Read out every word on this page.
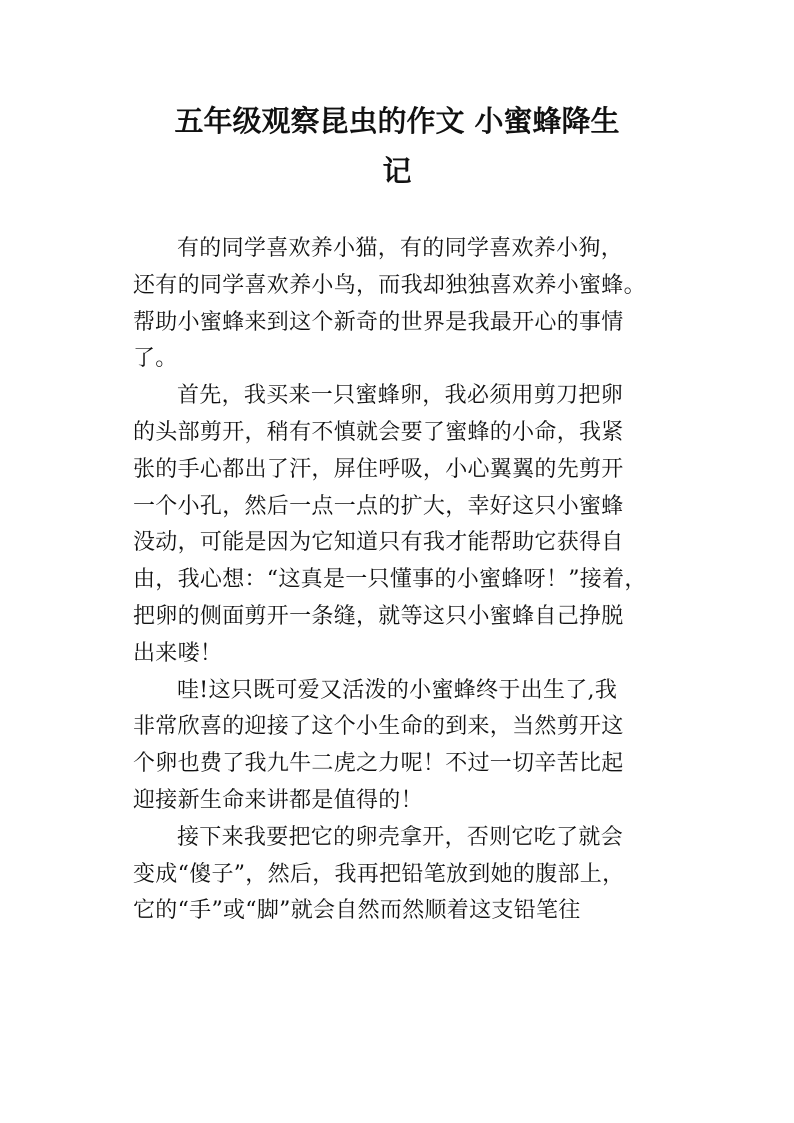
五年级观察昆虫的作文 小蜜蜂降生
记

有的同学喜欢养小猫，有的同学喜欢养小狗，
还有的同学喜欢养小鸟，而我却独独喜欢养小蜜蜂。
帮助小蜜蜂来到这个新奇的世界是我最开心的事情
了。

首先，我买来一只蜜蜂卵，我必须用剪刀把卵
的头部剪开，稍有不慎就会要了蜜蜂的小命，我紧
张的手心都出了汗，屏住呼吸，小心翼翼的先剪开
一个小孔，然后一点一点的扩大，幸好这只小蜜蜂
没动，可能是因为它知道只有我才能帮助它获得自
由，我心想：“这真是一只懂事的小蜜蜂呀！”接着，
把卵的侧面剪开一条缝，就等这只小蜜蜂自己挣脱
出来喽！

哇!这只既可爱又活泼的小蜜蜂终于出生了,我
非常欣喜的迎接了这个小生命的到来，当然剪开这
个卵也费了我九牛二虎之力呢！不过一切辛苦比起
迎接新生命来讲都是值得的！

接下来我要把它的卵壳拿开，否则它吃了就会
变成“傻子”，然后，我再把铅笔放到她的腹部上，
它的“手”或“脚”就会自然而然顺着这支铅笔往
